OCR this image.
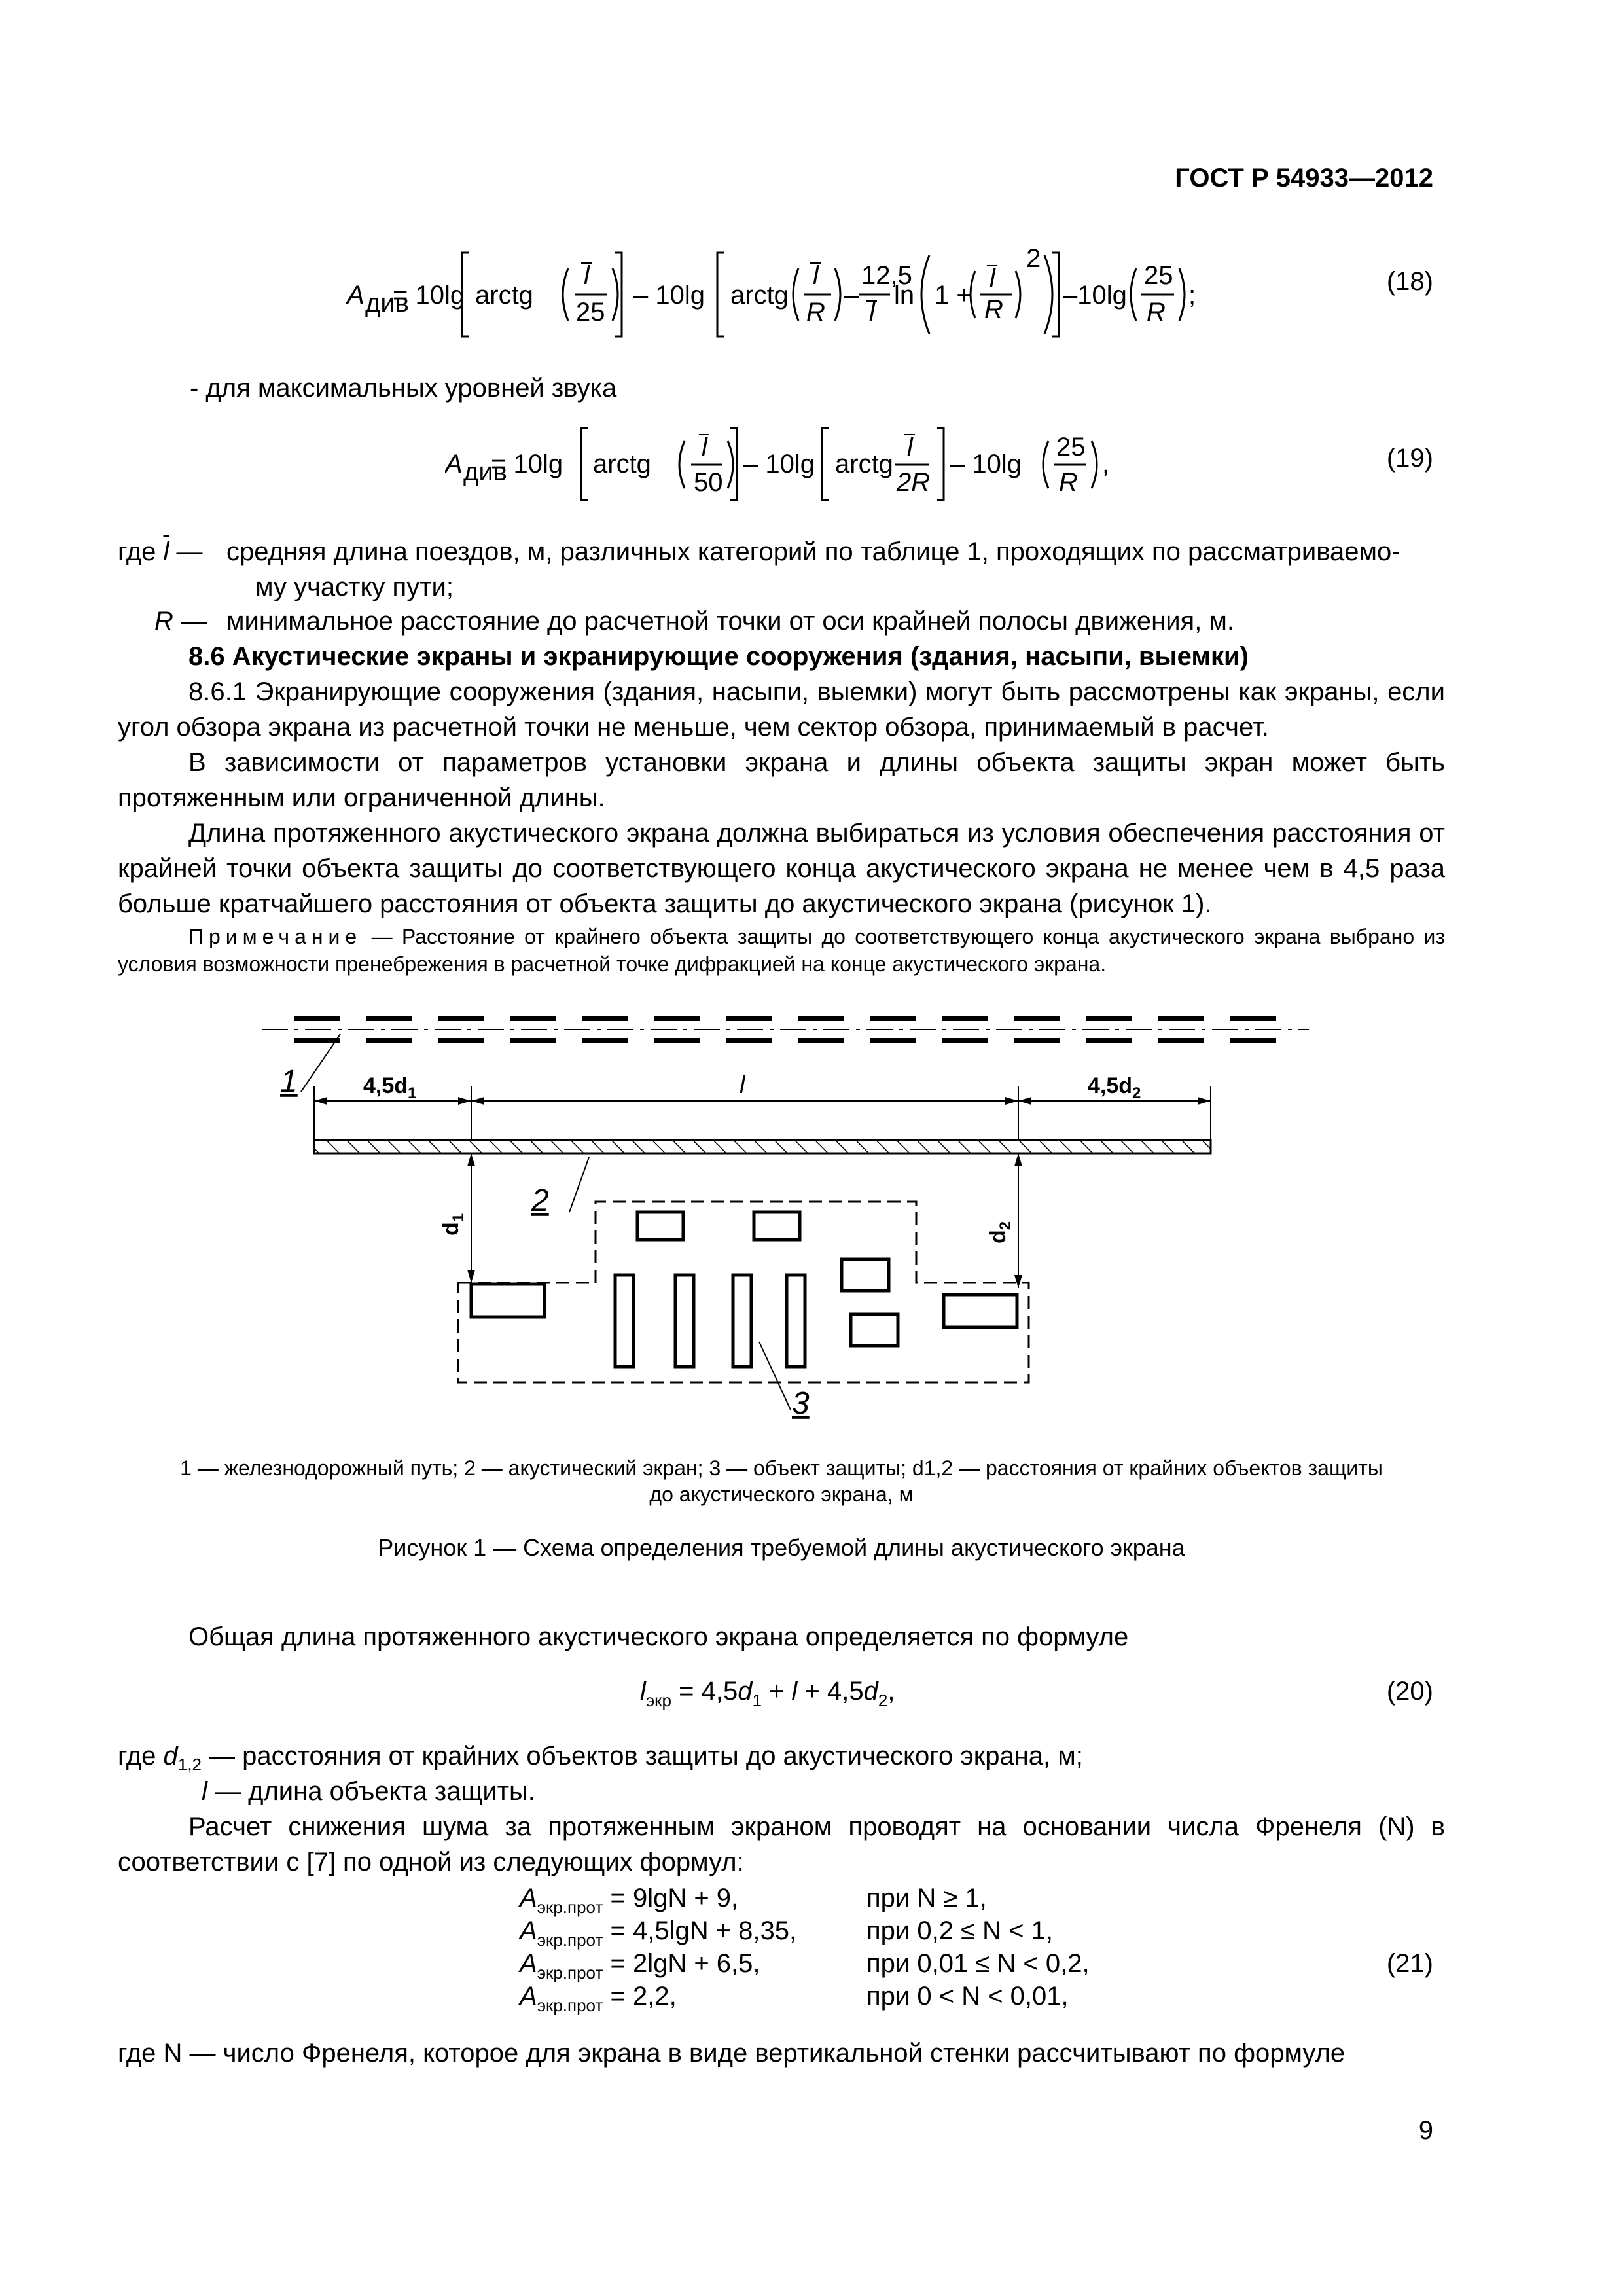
ГОСТ Р 54933—2012
A див
= 10lg arctg
l
25
– 10lg arctg
l
R
–
12,5
l
ln 1 +
l
R
2
–10lg
25
R
;	(18)
- для максимальных уровней звука
A див
= 10lg arctg
l
50
– 10lg arctg
l
2R
– 10lg
25
R
,	(19)
где $\overline{l}$ — средняя длина поездов, м, различных категорий по таблице 1, проходящих по рассматриваемо-
му участку пути;
R — минимальное расстояние до расчетной точки от оси крайней полосы движения, м.
8.6 Акустические экраны и экранирующие сооружения (здания, насыпи, выемки)

8.6.1 Экранирующие сооружения (здания, насыпи, выемки) могут быть рассмотрены как экраны, если угол обзора экрана из расчетной точки не меньше, чем сектор обзора, принимаемый в расчет.

В зависимости от параметров установки экрана и длины объекта защиты экран может быть протяженным или ограниченной длины.

Длина протяженного акустического экрана должна выбираться из условия обеспечения расстояния от крайней точки объекта защиты до соответствующего конца акустического экрана не менее чем в 4,5 раза больше кратчайшего расстояния от объекта защиты до акустического экрана (рисунок 1).

Примечание — Расстояние от крайнего объекта защиты до соответствующего конца акустического экрана выбрано из условия возможности пренебрежения в расчетной точке дифракцией на конце акустического экрана.
1	$4,5d_1$	l	$4,5d_2$
2
$d_1$
$d_2$
3
1 — железнодорожный путь; 2 — акустический экран; 3 — объект защиты; d1,2 — расстояния от крайних объектов защиты
до акустического экрана, м
Рисунок 1 — Схема определения требуемой длины акустического экрана
Общая длина протяженного акустического экрана определяется по формуле
$l_{экр} = 4,5d_1 + l + 4,5d_2$,	(20)
где $d_{1,2}$ — расстояния от крайних объектов защиты до акустического экрана, м;
l — длина объекта защиты.

Расчет снижения шума за протяженным экраном проводят на основании числа Френеля (N) в соответствии с [7] по одной из следующих формул:

$A_{экр.прот} = 9\lg N + 9$,	при N ≥ 1,
$A_{экр.прот} = 4,5\lg N + 8,35$,	при 0,2 ≤ N < 1,
$A_{экр.прот} = 2\lg N + 6,5$,	при 0,01 ≤ N < 0,2,
$A_{экр.прот} = 2,2$,	при 0 < N < 0,01,
(21)
где N — число Френеля, которое для экрана в виде вертикальной стенки рассчитывают по формуле
9
